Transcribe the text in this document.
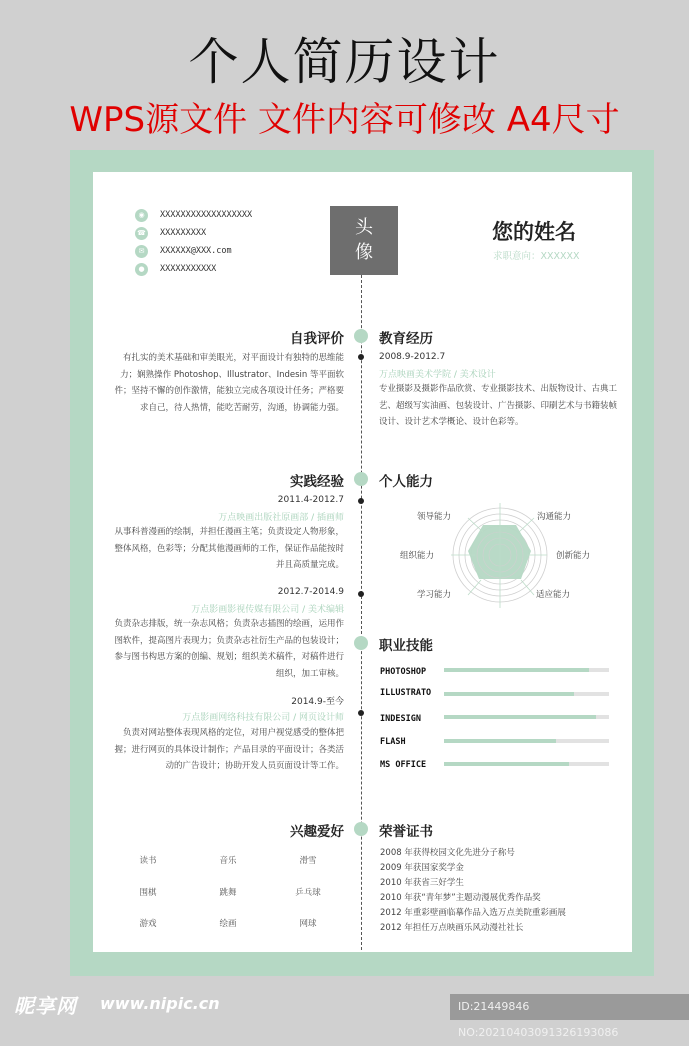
个人简历设计
WPS源文件 文件内容可修改 A4尺寸
◉	XXXXXXXXXXXXXXXXXX
☎ XXXXXXXXX
✉	XXXXXX@XXX.com
●	XXXXXXXXXXX
头
像
您的姓名
求职意向：XXXXXX
自我评价
有扎实的美术基础和审美眼光，对平面设计有独特的思维能力；娴熟操作 Photoshop、Illustrator、Indesin 等平面软件；坚持不懈的创作激情，能独立完成各项设计任务；严格要求自己，待人热情，能吃苦耐劳，沟通，协调能力强。
教育经历
2008.9-2012.7
万点映画美术学院 / 美术设计
专业摄影及摄影作品欣赏、专业摄影技术、出版物设计、古典工艺、超级写实油画、包装设计、广告摄影、印刷艺术与书籍装帧设计、设计艺术学概论、设计色彩等。
实践经验
2011.4-2012.7
万点映画出版社原画部 / 插画师
从事科普漫画的绘制，并担任漫画主笔；负责设定人物形象，整体风格，色彩等；分配其他漫画师的工作，保证作品能按时并且高质量完成。
2012.7-2014.9
万点影画影视传媒有限公司 / 美术编辑
负责杂志排版，统一杂志风格；负责杂志插图的绘画，运用作图软件，提高图片表现力；负责杂志社衍生产品的包装设计；参与图书构思方案的创编、规划；组织美术稿件，对稿件进行组织，加工审核。
2014.9-至今
万点影画网络科技有限公司 / 网页设计师
负责对网站整体表现风格的定位，对用户视觉感受的整体把握；进行网页的具体设计制作；产品目录的平面设计；各类活动的广告设计；协助开发人员页面设计等工作。
个人能力
领导能力	沟通能力
组织能力	创新能力
学习能力	适应能力
职业技能
PHOTOSHOP
ILLUSTRATO
INDESIGN
FLASH
MS OFFICE
兴趣爱好
读书	音乐	滑雪
围棋	跳舞	乒乓球
游戏	绘画	网球
荣誉证书
2008 年获得校园文化先进分子称号
2009 年获国家奖学金
2010 年获省三好学生
2010 年获“青年梦”主题动漫展优秀作品奖
2012 年重彩壁画临摹作品入选万点美院重彩画展
2012 年担任万点映画乐风动漫社社长
昵享网 www.nipic.cn	ID:21449846 NO:20210403091326193086
